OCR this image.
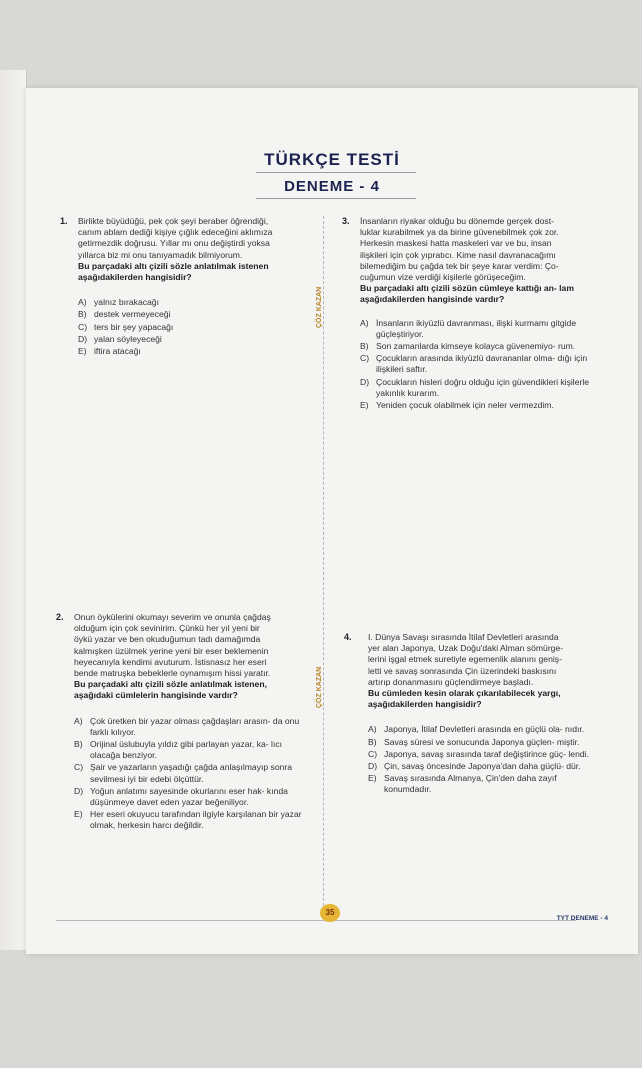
TÜRKÇE TESTİ
DENEME - 4
ÇÖZ KAZAN
ÇÖZ KAZAN
1. Birlikte büyüdüğü, pek çok şeyi beraber öğrendiği,

canım ablam dediği kişiye çığlık edeceğini aklımıza

getirmezdik doğrusu. Yıllar mı onu değiştirdi yoksa

yıllarca biz mi onu tanıyamadık bilmiyorum.

Bu parçadaki altı çizili sözle anlatılmak istenen aşağıdakilerden hangisidir?

A) yalnız bırakacağı
B) destek vermeyeceği
C) ters bir şey yapacağı
D) yalan söyleyeceği
E) iftira atacağı
3. İnsanların riyakar olduğu bu dönemde gerçek dost-

luklar kurabilmek ya da birine güvenebilmek çok zor.

Herkesin maskesi hatta maskeleri var ve bu, insan

ilişkileri için çok yıpratıcı. Kime nasıl davranacağımı

bilemediğim bu çağda tek bir şeye karar verdim: Ço-

cuğumun vize verdiği kişilerle görüşeceğim.

Bu parçadaki altı çizili sözün cümleye kattığı an- lam aşağıdakilerden hangisinde vardır?

A) İnsanların ikiyüzlü davranması, ilişki kurmamı gitgide güçleştiriyor.
B) Son zamanlarda kimseye kolayca güvenemiyo- rum.
C) Çocukların arasında ikiyüzlü davrananlar olma- dığı için ilişkileri saftır.
D) Çocukların hisleri doğru olduğu için güvendikleri kişilerle yakınlık kurarım.
E) Yeniden çocuk olabilmek için neler vermezdim.
2. Onun öykülerini okumayı severim ve onunla çağdaş

olduğum için çok sevinirim. Çünkü her yıl yeni bir

öykü yazar ve ben okuduğumun tadı damağımda

kalmışken üzülmek yerine yeni bir eser beklemenin

heyecanıyla kendimi avuturum. İstisnasız her eseri

bende matruşka bebeklerle oynamışım hissi yaratır.

Bu parçadaki altı çizili sözle anlatılmak istenen, aşağıdaki cümlelerin hangisinde vardır?

A) Çok üretken bir yazar olması çağdaşları arasın- da onu farklı kılıyor.
B) Orijinal üslubuyla yıldız gibi parlayan yazar, ka- lıcı olacağa benziyor.
C) Şair ve yazarların yaşadığı çağda anlaşılmayıp sonra sevilmesi iyi bir edebi ölçüttür.
D) Yoğun anlatımı sayesinde okurlarını eser hak- kında düşünmeye davet eden yazar beğeniliyor.
E) Her eseri okuyucu tarafından ilgiyle karşılanan bir yazar olmak, herkesin harcı değildir.
4. I. Dünya Savaşı sırasında İtilaf Devletleri arasında

yer alan Japonya, Uzak Doğu'daki Alman sömürge-

lerini işgal etmek suretiyle egemenlik alanını geniş-

letti ve savaş sonrasında Çin üzerindeki baskısını

artırıp donanmasını güçlendirmeye başladı.

Bu cümleden kesin olarak çıkarılabilecek yargı, aşağıdakilerden hangisidir?

A) Japonya, İtilaf Devletleri arasında en güçlü ola- nıdır.
B) Savaş süresi ve sonucunda Japonya güçlen- miştir.
C) Japonya, savaş sırasında taraf değiştirince güç- lendi.
D) Çin, savaş öncesinde Japonya'dan daha güçlü- dür.
E) Savaş sırasında Almanya, Çin'den daha zayıf konumdadır.
35
TYT DENEME - 4
